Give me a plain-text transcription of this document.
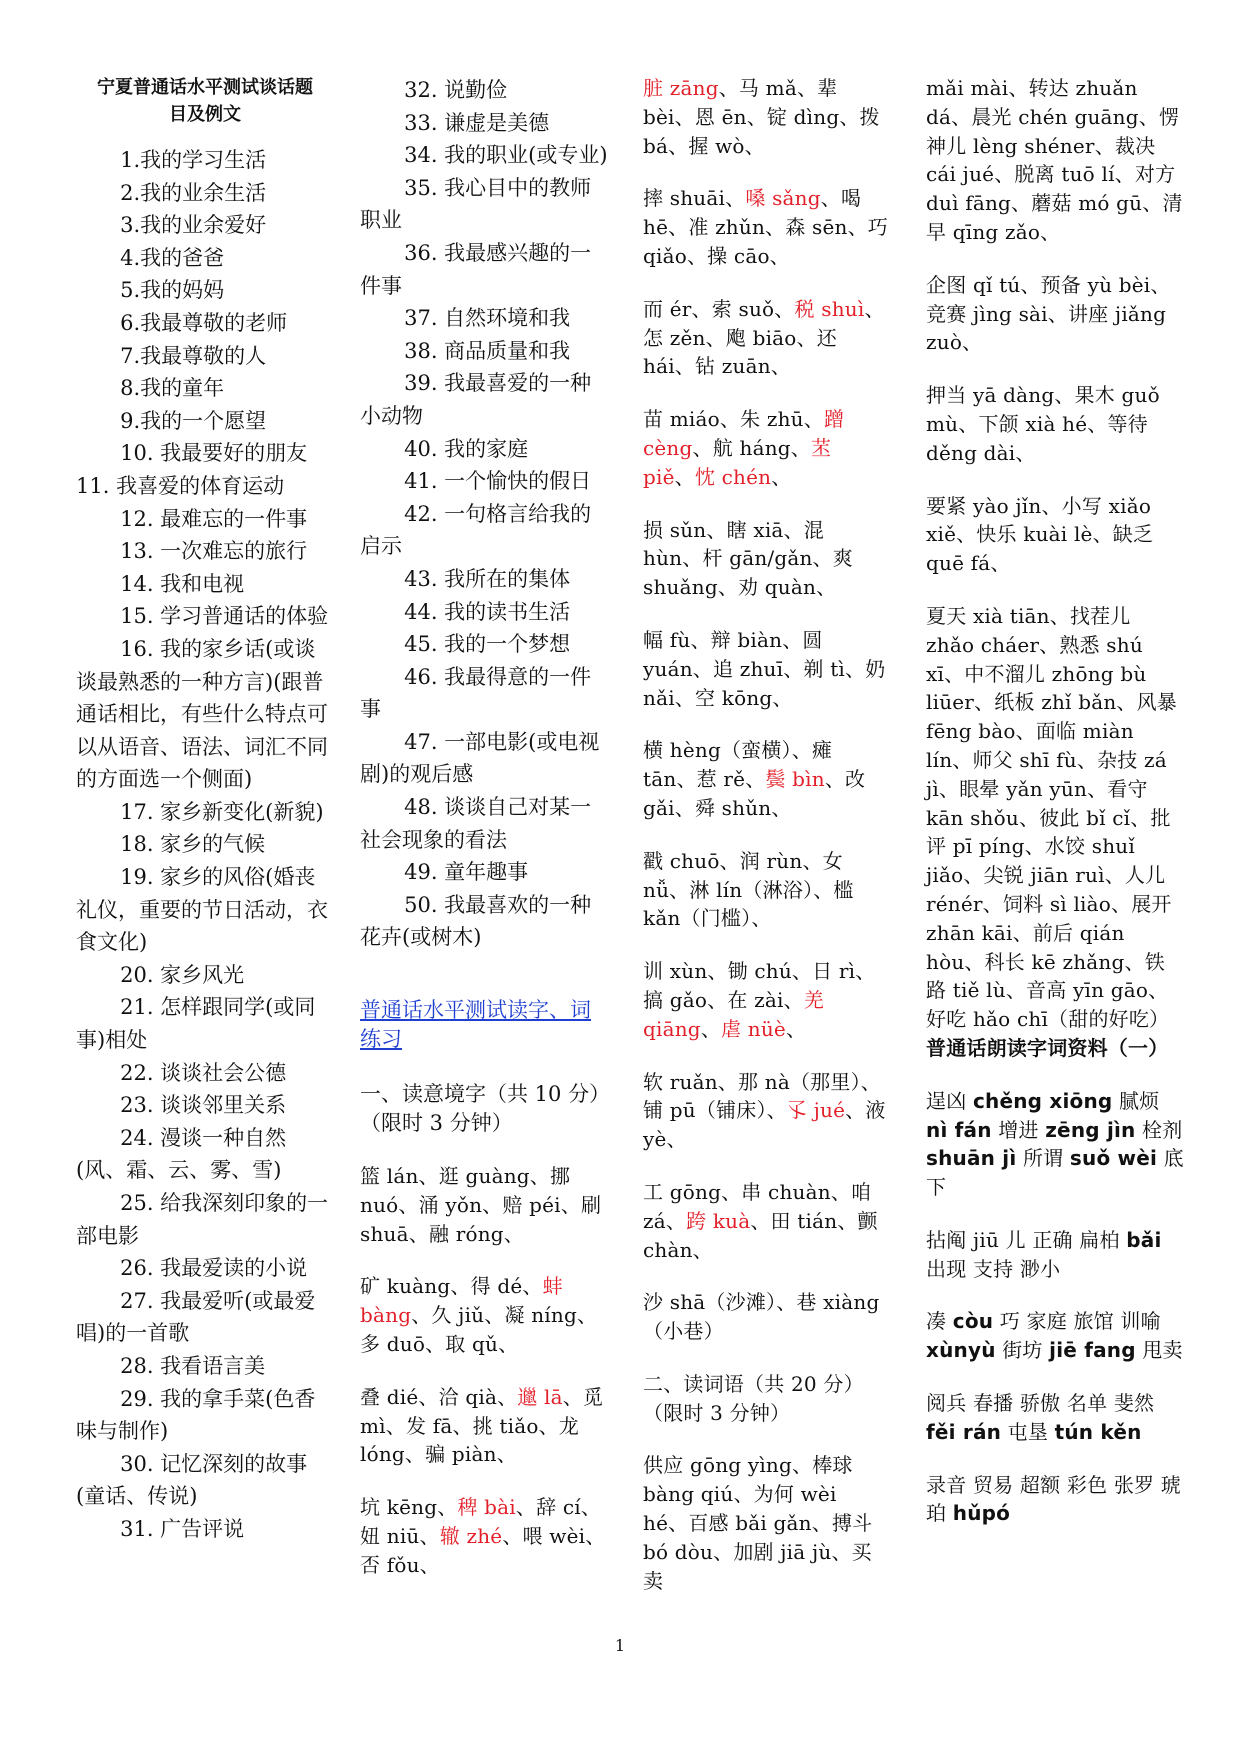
宁夏普通话水平测试谈话题
目及例文

1.我的学习生活

2.我的业余生活

3.我的业余爱好

4.我的爸爸

5.我的妈妈

6.我最尊敬的老师

7.我最尊敬的人

8.我的童年

9.我的一个愿望

10. 我最要好的朋友

11. 我喜爱的体育运动

12. 最难忘的一件事

13. 一次难忘的旅行

14. 我和电视

15. 学习普通话的体验

16. 我的家乡话(或谈谈最熟悉的一种方言)(跟普通话相比，有些什么特点可以从语音、语法、词汇不同的方面选一个侧面)

17. 家乡新变化(新貌)

18. 家乡的气候

19. 家乡的风俗(婚丧礼仪，重要的节日活动，衣食文化)

20. 家乡风光

21. 怎样跟同学(或同事)相处

22. 谈谈社会公德

23. 谈谈邻里关系

24. 漫谈一种自然(风、霜、云、雾、雪)

25. 给我深刻印象的一部电影

26. 我最爱读的小说

27. 我最爱听(或最爱唱)的一首歌

28. 我看语言美

29. 我的拿手菜(色香味与制作)

30. 记忆深刻的故事(童话、传说)

31. 广告评说

32. 说勤俭

33. 谦虚是美德

34. 我的职业(或专业)

35. 我心目中的教师职业

36. 我最感兴趣的一件事

37. 自然环境和我

38. 商品质量和我

39. 我最喜爱的一种小动物

40. 我的家庭

41. 一个愉快的假日

42. 一句格言给我的启示

43. 我所在的集体

44. 我的读书生活

45. 我的一个梦想

46. 我最得意的一件事

47. 一部电影(或电视剧)的观后感

48. 谈谈自己对某一社会现象的看法

49. 童年趣事

50. 我最喜欢的一种花卉(或树木)

普通话水平测试读字、词练习
一、读意境字（共 10 分）（限时 3 分钟）

篮 lán、逛 guàng、挪 nuó、涌 yǒn、赔 péi、刷 shuā、融 róng、

矿 kuàng、得 dé、蚌 bàng、久 jiǔ、凝 níng、多 duō、取 qǔ、

叠 dié、洽 qià、邋 lā、觅 mì、发 fā、挑 tiǎo、龙 lóng、骗 piàn、

坑 kēng、稗 bài、辞 cí、妞 niū、辙 zhé、喂 wèi、否 fǒu、

脏 zāng、马 mǎ、辈 bèi、恩 ēn、锭 dìng、拨 bá、握 wò、

摔 shuāi、嗓 sǎng、喝 hē、准 zhǔn、森 sēn、巧 qiǎo、操 cāo、

而 ér、索 suǒ、税 shuì、怎 zěn、飑 biāo、还 hái、钻 zuān、

苗 miáo、朱 zhū、蹭 cèng、航 háng、苤 piě、忱 chén、

损 sǔn、瞎 xiā、混 hùn、杆 gān/gǎn、爽 shuǎng、劝 quàn、

幅 fù、辩 biàn、圆 yuán、追 zhuī、剃 tì、奶 nǎi、空 kōng、

横 hèng（蛮横）、瘫 tān、惹 rě、鬓 bìn、改 gǎi、舜 shǔn、

戳 chuō、润 rùn、女 nǚ、淋 lín（淋浴）、槛 kǎn（门槛）、

训 xùn、锄 chú、日 rì、搞 gǎo、在 zài、羌 qiāng、虐 nüè、

软 ruǎn、那 nà（那里）、铺 pū（铺床）、孓 jué、液 yè、

工 gōng、串 chuàn、咱 zá、跨 kuà、田 tián、颤 chàn、

沙 shā（沙滩）、巷 xiàng（小巷）

二、读词语（共 20 分）（限时 3 分钟）

供应 gōng yìng、棒球 bàng qiú、为何 wèi hé、百感 bǎi gǎn、搏斗 bó dòu、加剧 jiā jù、买卖

mǎi mài、转达 zhuǎn dá、晨光 chén guāng、愣神儿 lèng shéner、裁决 cái jué、脱离 tuō lí、对方 duì fāng、蘑菇 mó gū、清早 qīng zǎo、

企图 qǐ tú、预备 yù bèi、竞赛 jìng sài、讲座 jiǎng zuò、

押当 yā dàng、果木 guǒ mù、下颌 xià hé、等待 děng dài、

要紧 yào jǐn、小写 xiǎo xiě、快乐 kuài lè、缺乏 quē fá、

夏天 xià tiān、找茬儿 zhǎo cháer、熟悉 shú xī、中不溜儿 zhōng bù liūer、纸板 zhǐ bǎn、风暴 fēng bào、面临 miàn lín、师父 shī fù、杂技 zá jì、眼晕 yǎn yūn、看守 kān shǒu、彼此 bǐ cǐ、批评 pī píng、水饺 shuǐ jiǎo、尖锐 jiān ruì、人儿 rénér、饲料 sì liào、展开 zhān kāi、前后 qián hòu、科长 kē zhǎng、铁路 tiě lù、音高 yīn gāo、好吃 hǎo chī（甜的好吃）普通话朗读字词资料（一）

逞凶 chěng xiōng 腻烦 nì fán 增进 zēng jìn 栓剂 shuān jì 所谓 suǒ wèi 底下

拈阄 jiū 儿 正确 扁柏 bǎi 出现 支持 渺小

凑 còu 巧 家庭 旅馆 训喻 xùnyù 街坊 jiē fang 甩卖

阅兵 春播 骄傲 名单 斐然 fěi rán 屯垦 tún kěn

录音 贸易 超额 彩色 张罗 琥珀 hǔpó

1
